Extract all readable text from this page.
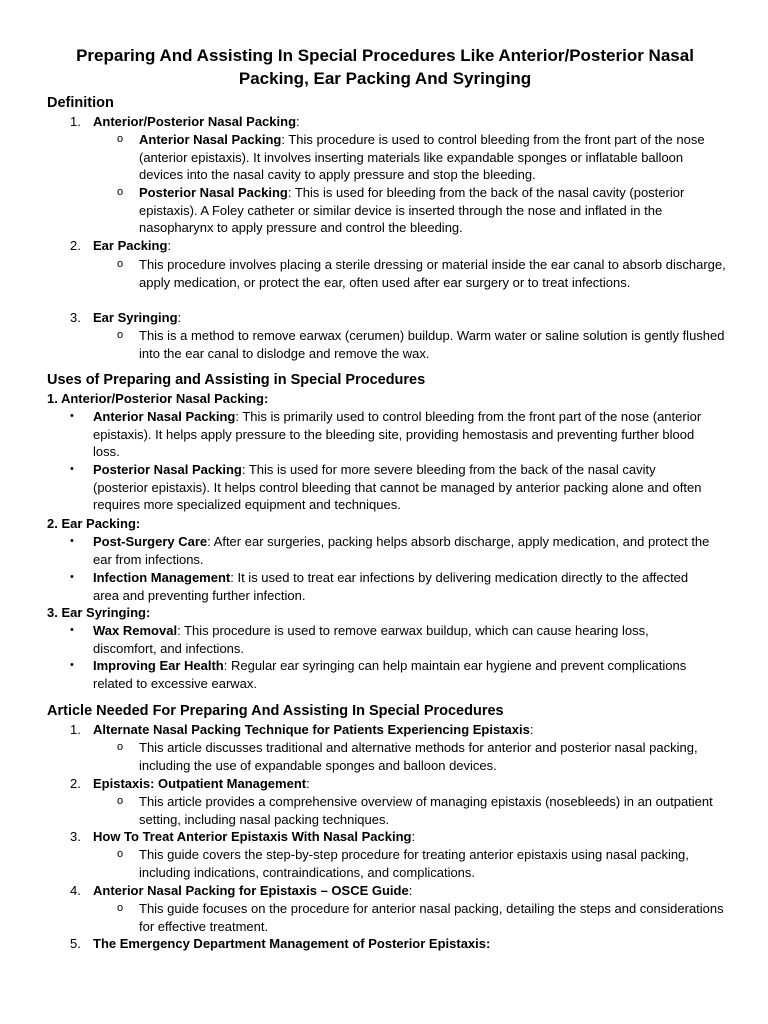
Preparing And Assisting In Special Procedures Like Anterior/Posterior Nasal Packing, Ear Packing And Syringing
Definition
1. Anterior/Posterior Nasal Packing:
o Anterior Nasal Packing: This procedure is used to control bleeding from the front part of the nose (anterior epistaxis). It involves inserting materials like expandable sponges or inflatable balloon devices into the nasal cavity to apply pressure and stop the bleeding.
o Posterior Nasal Packing: This is used for bleeding from the back of the nasal cavity (posterior epistaxis). A Foley catheter or similar device is inserted through the nose and inflated in the nasopharynx to apply pressure and control the bleeding.
2. Ear Packing:
o This procedure involves placing a sterile dressing or material inside the ear canal to absorb discharge, apply medication, or protect the ear, often used after ear surgery or to treat infections.
3. Ear Syringing:
o This is a method to remove earwax (cerumen) buildup. Warm water or saline solution is gently flushed into the ear canal to dislodge and remove the wax.
Uses of Preparing and Assisting in Special Procedures
1. Anterior/Posterior Nasal Packing:
• Anterior Nasal Packing: This is primarily used to control bleeding from the front part of the nose (anterior epistaxis). It helps apply pressure to the bleeding site, providing hemostasis and preventing further blood loss.
• Posterior Nasal Packing: This is used for more severe bleeding from the back of the nasal cavity (posterior epistaxis). It helps control bleeding that cannot be managed by anterior packing alone and often requires more specialized equipment and techniques.
2. Ear Packing:
• Post-Surgery Care: After ear surgeries, packing helps absorb discharge, apply medication, and protect the ear from infections.
• Infection Management: It is used to treat ear infections by delivering medication directly to the affected area and preventing further infection.
3. Ear Syringing:
• Wax Removal: This procedure is used to remove earwax buildup, which can cause hearing loss, discomfort, and infections.
• Improving Ear Health: Regular ear syringing can help maintain ear hygiene and prevent complications related to excessive earwax.
Article Needed For Preparing And Assisting In Special Procedures
1. Alternate Nasal Packing Technique for Patients Experiencing Epistaxis:
o This article discusses traditional and alternative methods for anterior and posterior nasal packing, including the use of expandable sponges and balloon devices.
2. Epistaxis: Outpatient Management:
o This article provides a comprehensive overview of managing epistaxis (nosebleeds) in an outpatient setting, including nasal packing techniques.
3. How To Treat Anterior Epistaxis With Nasal Packing:
o This guide covers the step-by-step procedure for treating anterior epistaxis using nasal packing, including indications, contraindications, and complications.
4. Anterior Nasal Packing for Epistaxis – OSCE Guide:
o This guide focuses on the procedure for anterior nasal packing, detailing the steps and considerations for effective treatment.
5. The Emergency Department Management of Posterior Epistaxis:
